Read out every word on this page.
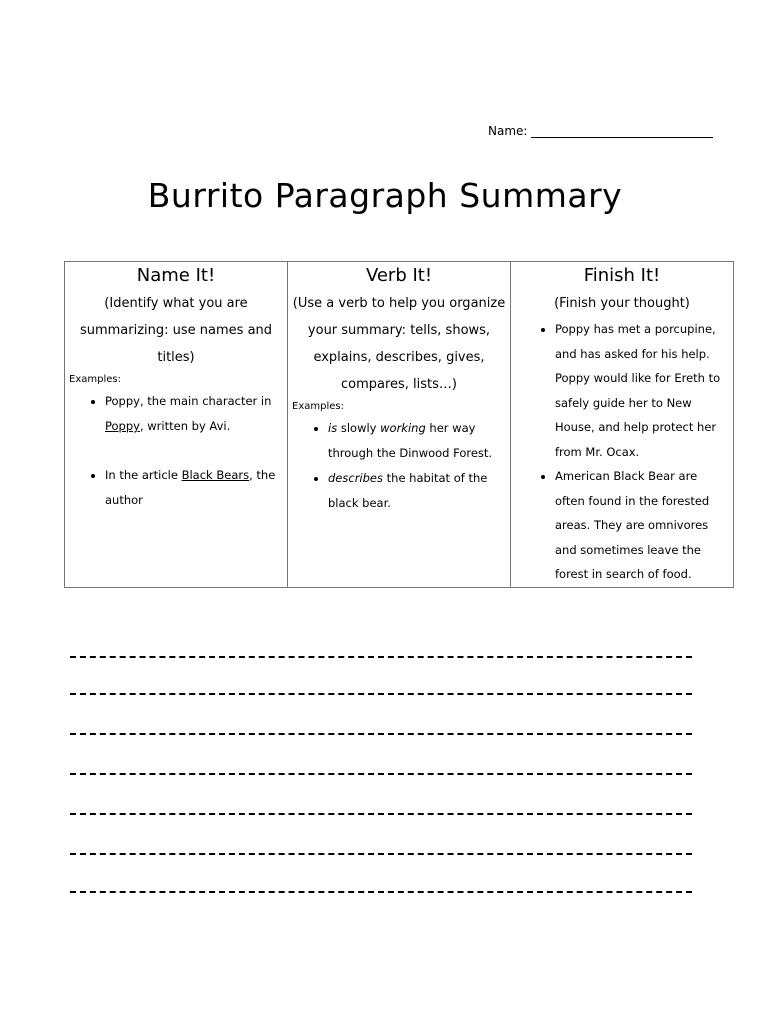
Name:
Burrito Paragraph Summary
Name It!
(Identify what you are summarizing: use names and titles)
Examples:
• Poppy, the main character in Poppy, written by Avi.
• In the article Black Bears, the author

Verb It!
(Use a verb to help you organize your summary: tells, shows, explains, describes, gives, compares, lists…)
Examples:
• is slowly working her way through the Dinwood Forest.
• describes the habitat of the black bear.

Finish It!
(Finish your thought)
• Poppy has met a porcupine, and has asked for his help. Poppy would like for Ereth to safely guide her to New House, and help protect her from Mr. Ocax.
• American Black Bear are often found in the forested areas. They are omnivores and sometimes leave the forest in search of food.
